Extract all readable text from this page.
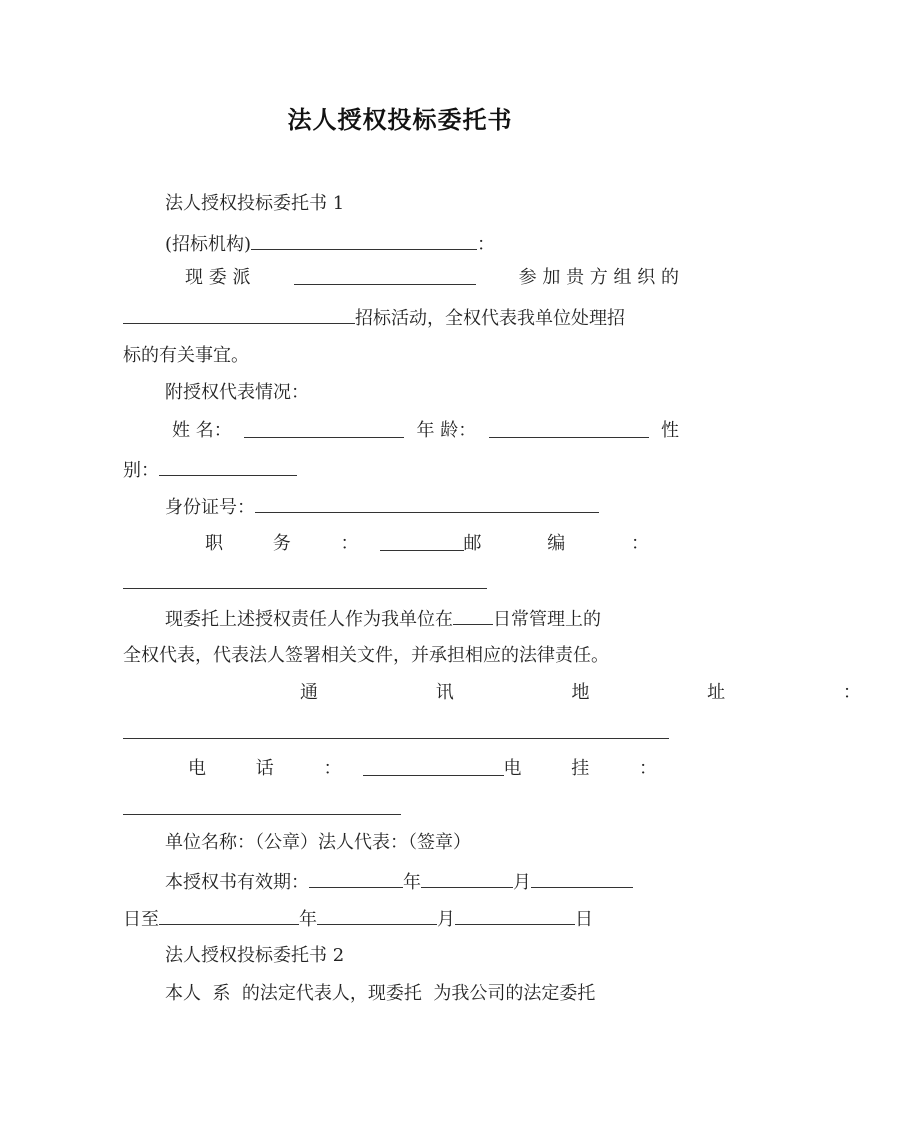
法人授权投标委托书
法人授权投标委托书 1
(招标机构)	：
现 委 派	参 加 贵 方 组 织 的
招标活动，全权代表我单位处理招
标的有关事宜。
附授权代表情况：
姓 名：	年 龄：	性
别：
身份证号：
职 务 ：	邮 编 ：
现委托上述授权责任人作为我单位在 日常管理上的
全权代表，代表法人签署相关文件，并承担相应的法律责任。
通 讯 地 址 ：
电 话 ：	电 挂 ：
单位名称：（公章）法人代表：（签章）
本授权书有效期：	年	月
日至	年	月	日
法人授权投标委托书 2
本人  系  的法定代表人，现委托  为我公司的法定委托
